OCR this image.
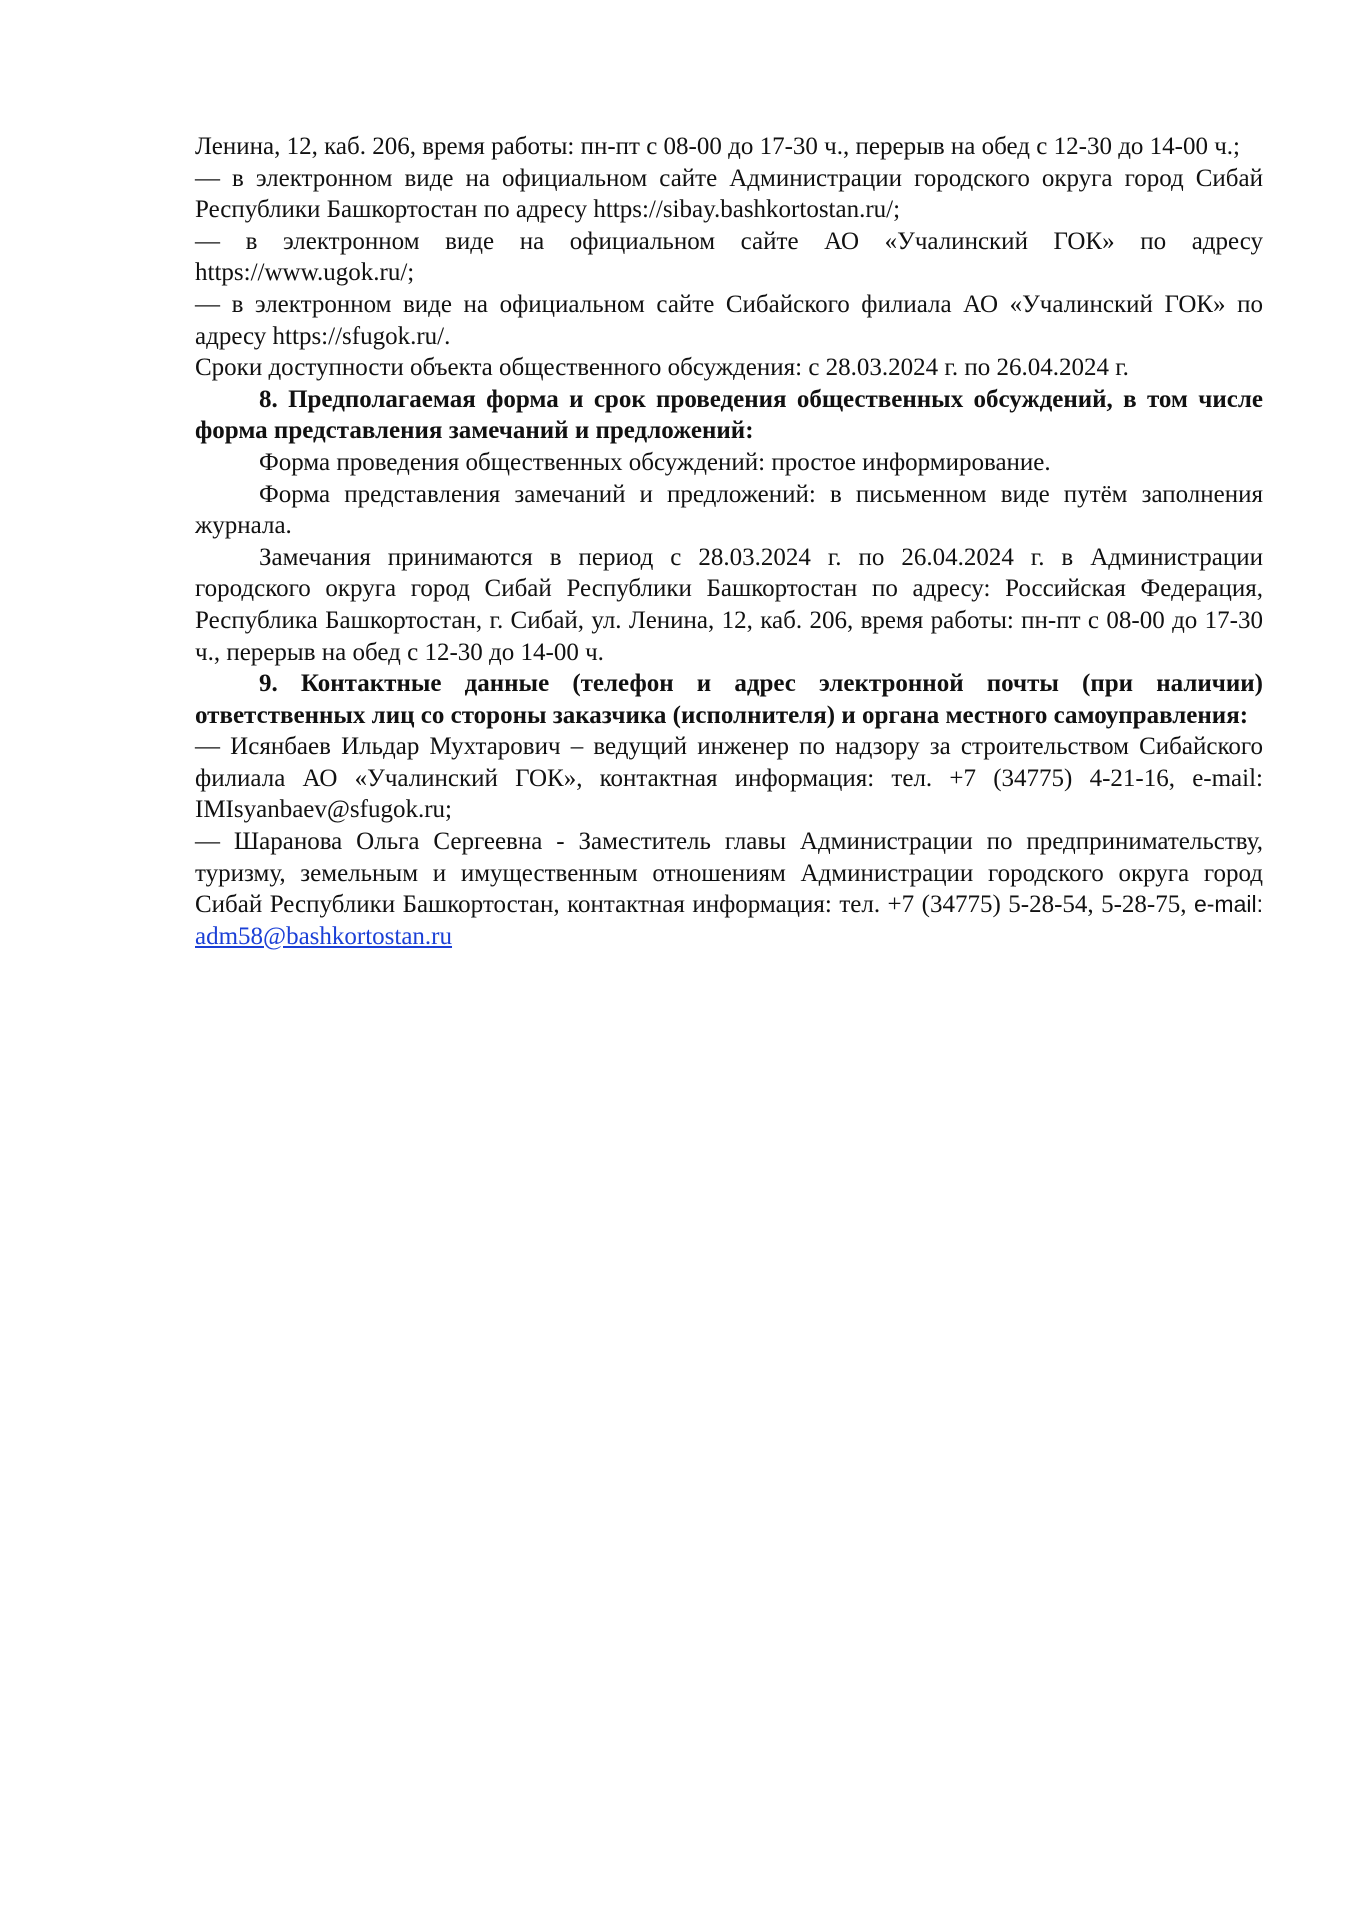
Ленина, 12, каб. 206, время работы: пн-пт с 08-00 до 17-30 ч., перерыв на обед с 12-30 до 14-00 ч.;

— в электронном виде на официальном сайте Администрации городского округа город Сибай Республики Башкортостан по адресу https://sibay.bashkortostan.ru/;

— в электронном виде на официальном сайте АО «Учалинский ГОК» по адресу https://www.ugok.ru/;

— в электронном виде на официальном сайте Сибайского филиала АО «Учалинский ГОК» по адресу https://sfugok.ru/.

Сроки доступности объекта общественного обсуждения: с 28.03.2024 г. по 26.04.2024 г.

8. Предполагаемая форма и срок проведения общественных обсуждений, в том числе форма представления замечаний и предложений:

Форма проведения общественных обсуждений: простое информирование.

Форма представления замечаний и предложений: в письменном виде путём заполнения журнала.

Замечания принимаются в период с 28.03.2024 г. по 26.04.2024 г. в Администрации городского округа город Сибай Республики Башкортостан по адресу: Российская Федерация, Республика Башкортостан, г. Сибай, ул. Ленина, 12, каб. 206, время работы: пн-пт с 08-00 до 17-30 ч., перерыв на обед с 12-30 до 14-00 ч.

9. Контактные данные (телефон и адрес электронной почты (при наличии) ответственных лиц со стороны заказчика (исполнителя) и органа местного самоуправления:

— Исянбаев Ильдар Мухтарович – ведущий инженер по надзору за строительством Сибайского филиала АО «Учалинский ГОК», контактная информация: тел. +7 (34775) 4-21-16, e-mail: IMIsyanbaev@sfugok.ru;

— Шаранова Ольга Сергеевна - Заместитель главы Администрации по предпринимательству, туризму, земельным и имущественным отношениям Администрации городского округа город Сибай Республики Башкортостан, контактная информация: тел. +7 (34775) 5-28-54, 5-28-75, e-mail: adm58@bashkortostan.ru
